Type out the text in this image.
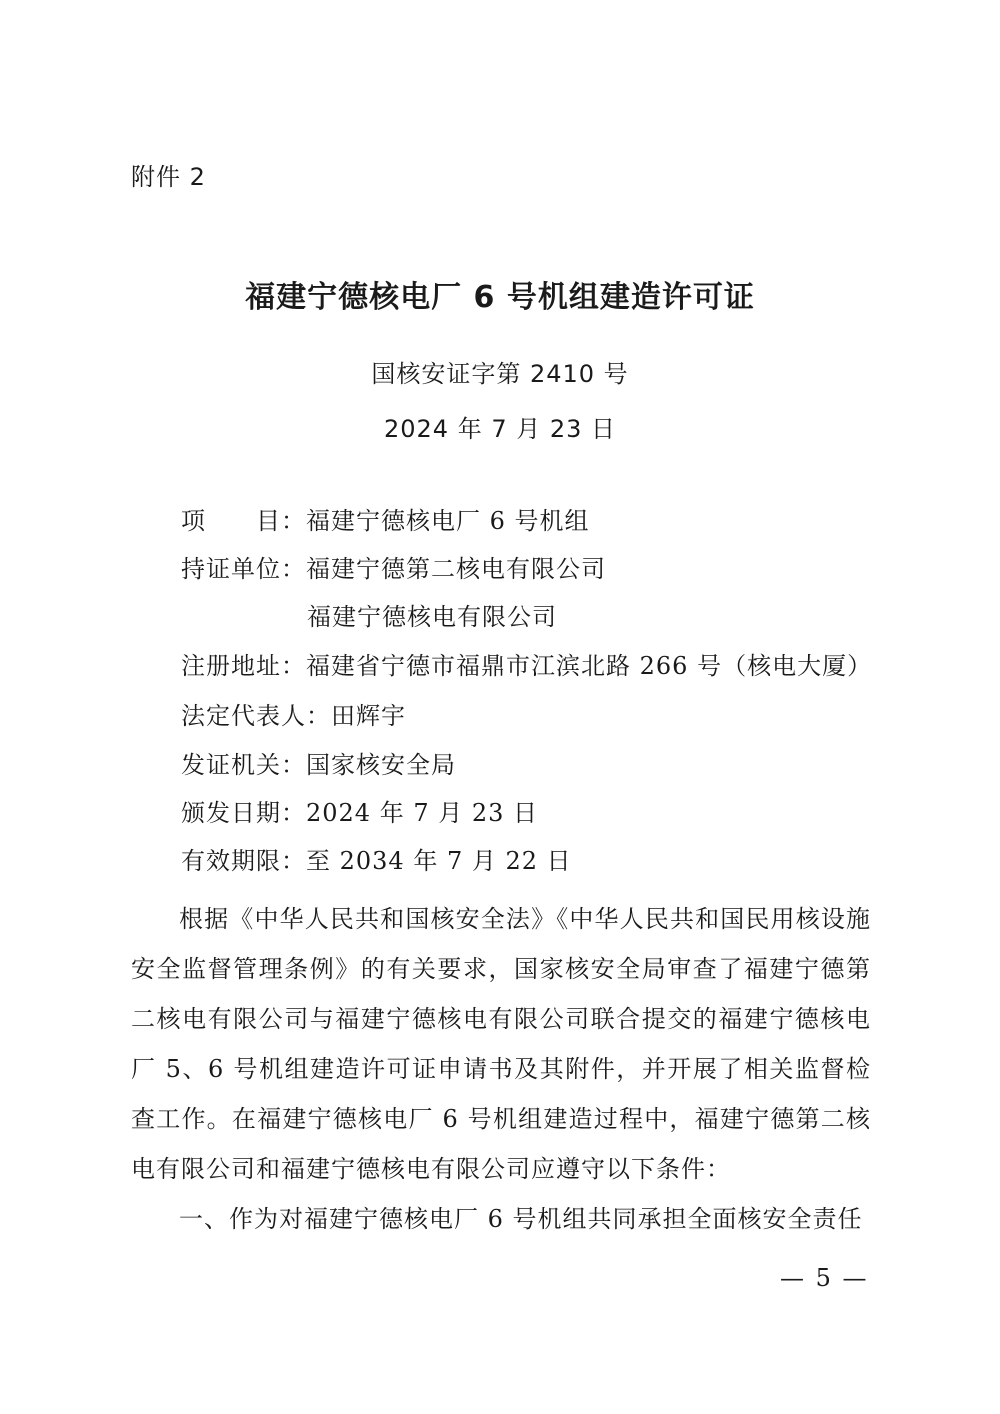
附件 2
福建宁德核电厂 6 号机组建造许可证
国核安证字第 2410 号
2024 年 7 月 23 日
项　　目：福建宁德核电厂 6 号机组
持证单位：福建宁德第二核电有限公司
福建宁德核电有限公司
注册地址：福建省宁德市福鼎市江滨北路 266 号（核电大厦）
法定代表人：田辉宇
发证机关：国家核安全局
颁发日期：2024 年 7 月 23 日
有效期限：至 2034 年 7 月 22 日

根据《中华人民共和国核安全法》《中华人民共和国民用核设施安全监督管理条例》的有关要求，国家核安全局审查了福建宁德第二核电有限公司与福建宁德核电有限公司联合提交的福建宁德核电厂 5、6 号机组建造许可证申请书及其附件，并开展了相关监督检查工作。在福建宁德核电厂 6 号机组建造过程中，福建宁德第二核电有限公司和福建宁德核电有限公司应遵守以下条件：

一、作为对福建宁德核电厂 6 号机组共同承担全面核安全责任

— 5 —
